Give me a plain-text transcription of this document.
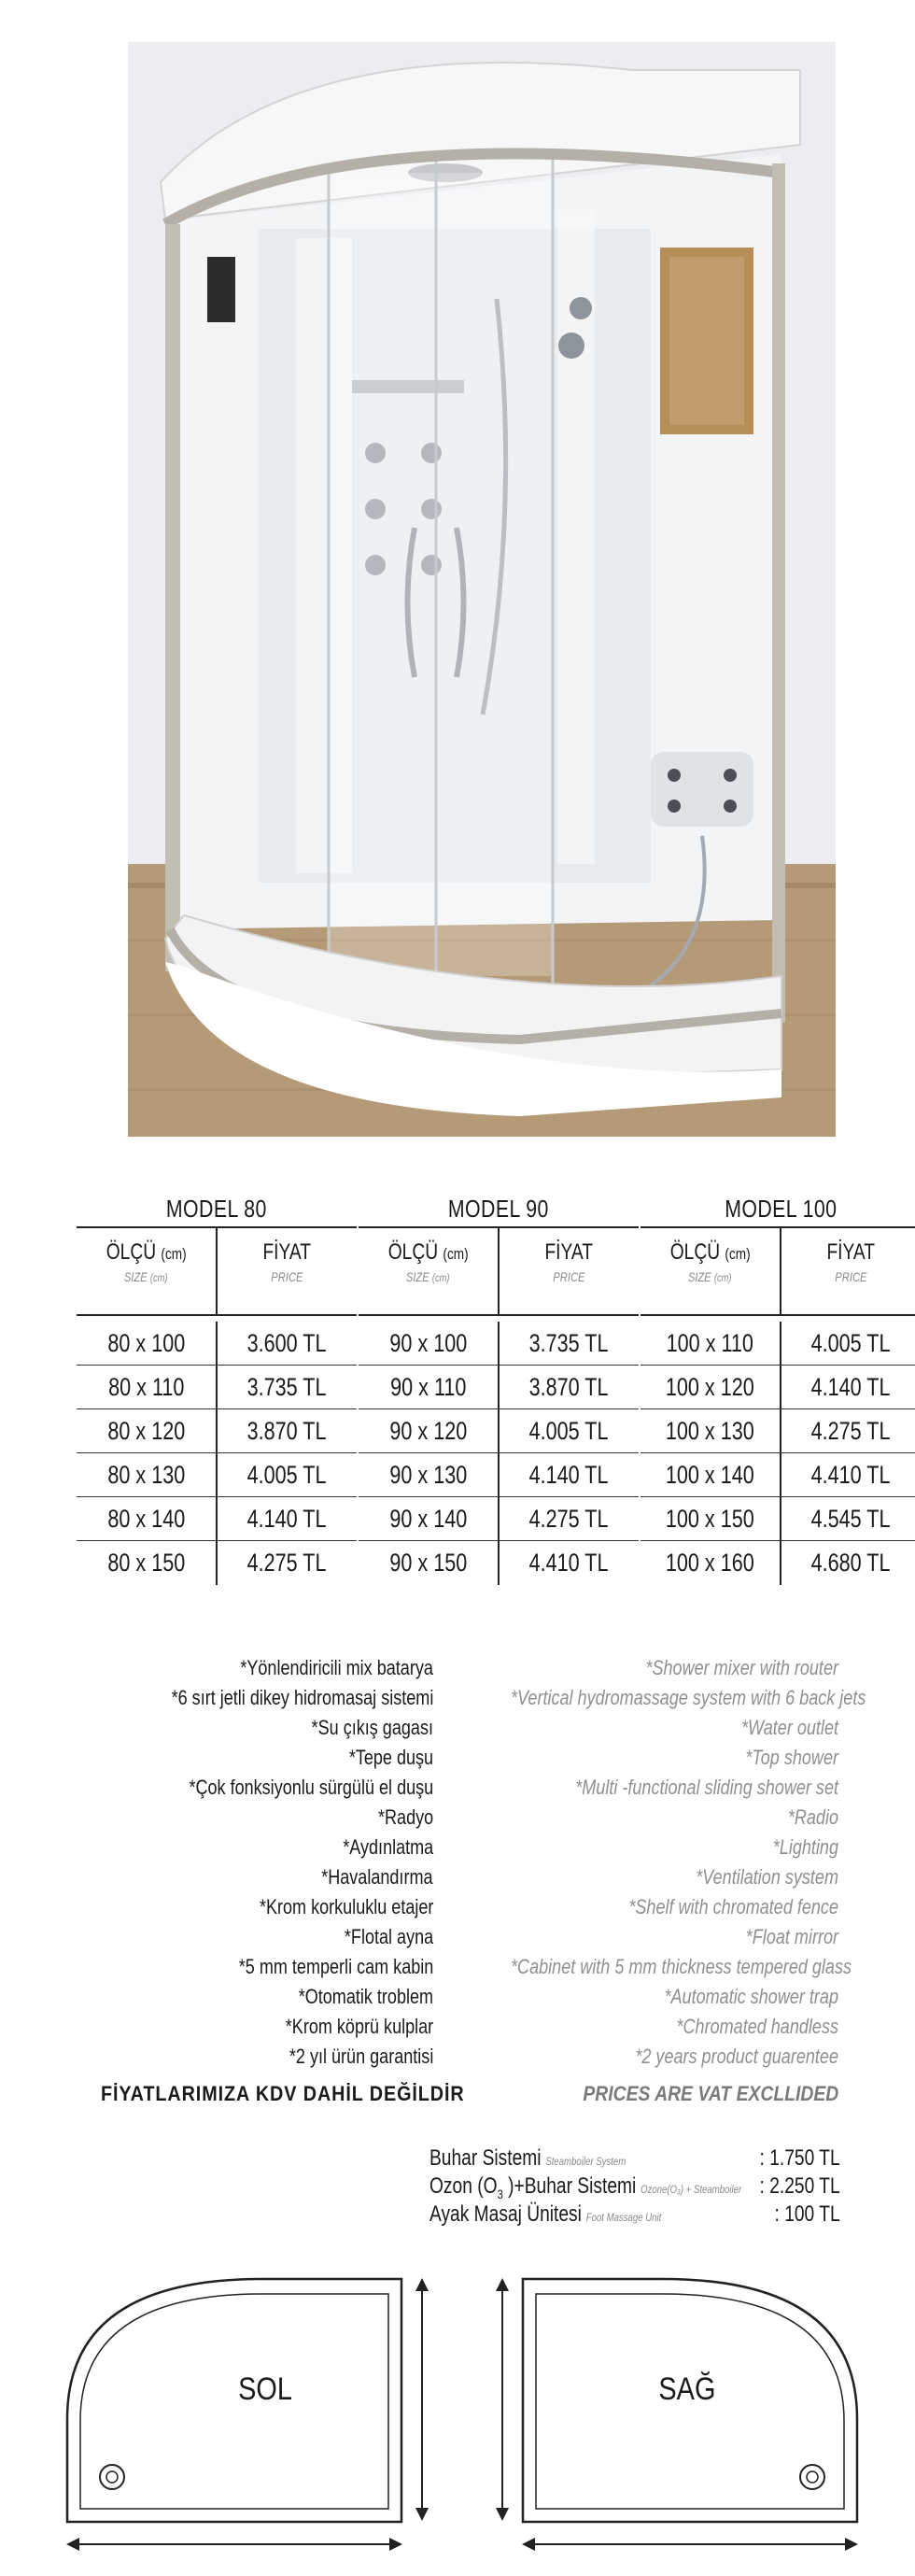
MODEL 80
ÖLÇÜ (cm)
SIZE (cm)
FİYAT
PRICE
80 x 100	3.600 TL
80 x 110	3.735 TL
80 x 120	3.870 TL
80 x 130	4.005 TL
80 x 140	4.140 TL
80 x 150	4.275 TL
MODEL 90
ÖLÇÜ (cm)
SIZE (cm)
FİYAT
PRICE
90 x 100	3.735 TL
90 x 110	3.870 TL
90 x 120	4.005 TL
90 x 130	4.140 TL
90 x 140	4.275 TL
90 x 150	4.410 TL
MODEL 100
ÖLÇÜ (cm)
SIZE (cm)
FİYAT
PRICE
100 x 110	4.005 TL
100 x 120	4.140 TL
100 x 130	4.275 TL
100 x 140	4.410 TL
100 x 150	4.545 TL
100 x 160	4.680 TL
*Yönlendiricili mix batarya	*Shower mixer with router
*6 sırt jetli dikey hidromasaj sistemi	*Vertical hydromassage system with 6 back jets
*Su çıkış gagası	*Water outlet
*Tepe duşu	*Top shower
*Çok fonksiyonlu sürgülü el duşu	*Multi -functional sliding shower set
*Radyo	*Radio
*Aydınlatma	*Lighting
*Havalandırma	*Ventilation system
*Krom korkuluklu etajer	*Shelf with chromated fence
*Flotal ayna	*Float mirror
*5 mm temperli cam kabin	*Cabinet with 5 mm thickness tempered glass
*Otomatik troblem	*Automatic shower trap
*Krom köprü kulplar	*Chromated handless
*2 yıl ürün garantisi	*2 years product guarentee
FİYATLARIMIZA KDV DAHİL DEĞİLDİR	PRICES ARE VAT EXCLLIDED
Buhar Sistemi Steamboiler System	: 1.750 TL
Ozon ($O_3$ )+Buhar Sistemi Ozone(O₃) + Steamboiler : 2.250 TL
Ayak Masaj Ünitesi Foot Massage Unit	: 100 TL
SOL	SAĞ
